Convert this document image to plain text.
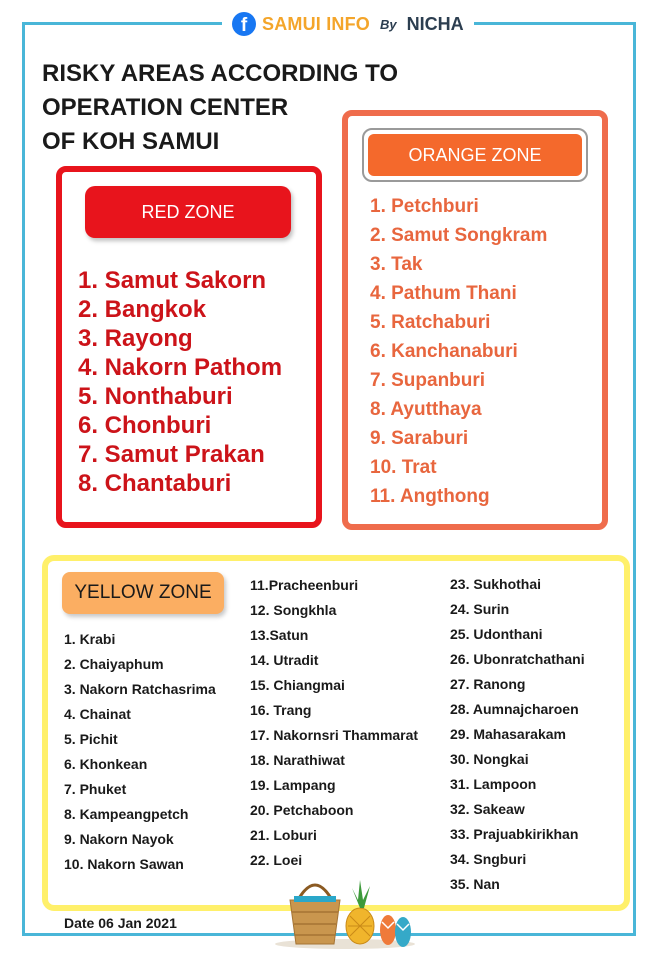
f SAMUI INFO By NICHA
RISKY AREAS ACCORDING TO
OPERATION CENTER
OF KOH SAMUI
RED ZONE
1. Samut Sakorn
2. Bangkok
3. Rayong
4. Nakorn Pathom
5. Nonthaburi
6. Chonburi
7. Samut Prakan
8. Chantaburi
ORANGE ZONE
1. Petchburi
2. Samut Songkram
3. Tak
4. Pathum Thani
5. Ratchaburi
6. Kanchanaburi
7. Supanburi
8. Ayutthaya
9. Saraburi
10. Trat
11. Angthong
YELLOW ZONE
1. Krabi
2. Chaiyaphum
3. Nakorn Ratchasrima
4. Chainat
5. Pichit
6. Khonkean
7. Phuket
8. Kampeangpetch
9. Nakorn Nayok
10. Nakorn Sawan
11.Pracheenburi
12. Songkhla
13.Satun
14. Utradit
15. Chiangmai
16. Trang
17. Nakornsri Thammarat
18. Narathiwat
19. Lampang
20. Petchaboon
21. Loburi
22. Loei
23. Sukhothai
24. Surin
25. Udonthani
26. Ubonratchathani
27. Ranong
28. Aumnajcharoen
29. Mahasarakam
30. Nongkai
31. Lampoon
32. Sakeaw
33. Prajuabkirikhan
34. Sngburi
35. Nan
Date 06 Jan 2021
